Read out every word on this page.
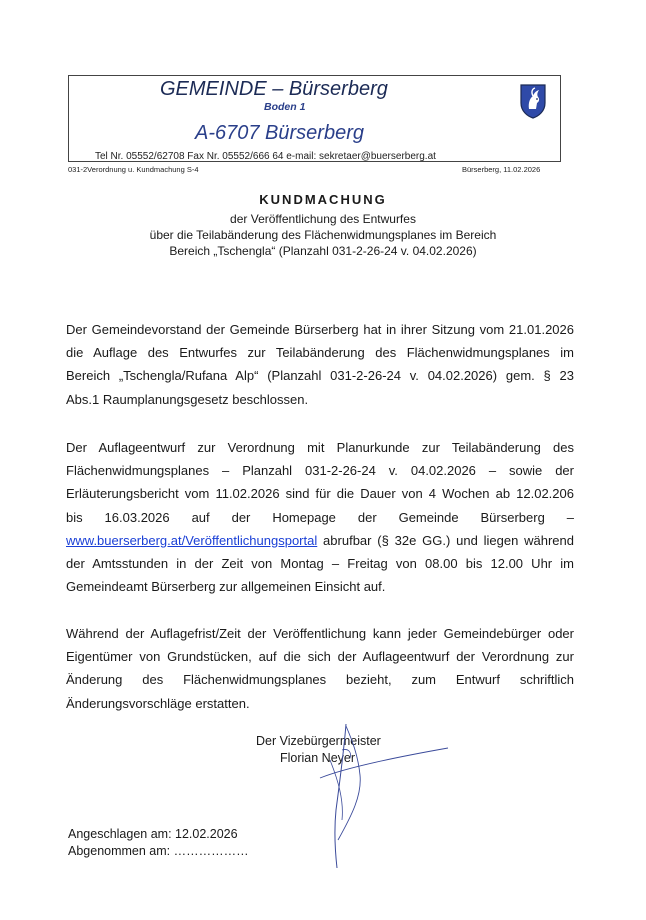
GEMEINDE – Bürserberg
Boden 1
A-6707 Bürserberg
Tel Nr. 05552/62708 Fax Nr. 05552/666 64 e-mail: sekretaer@buerserberg.at
031-2Verordnung u. Kundmachung S-4	Bürserberg, 11.02.2026
KUNDMACHUNG
der Veröffentlichung des Entwurfes
über die Teilabänderung des Flächenwidmungsplanes im Bereich
Bereich „Tschengla“ (Planzahl 031-2-26-24 v. 04.02.2026)
Der Gemeindevorstand der Gemeinde Bürserberg hat in ihrer Sitzung vom 21.01.2026
die Auflage des Entwurfes zur Teilabänderung des Flächenwidmungsplanes im
Bereich „Tschengla/Rufana Alp“ (Planzahl 031-2-26-24 v. 04.02.2026) gem. § 23
Abs.1 Raumplanungsgesetz beschlossen.
Der Auflageentwurf zur Verordnung mit Planurkunde zur Teilabänderung des
Flächenwidmungsplanes – Planzahl 031-2-26-24 v. 04.02.2026 – sowie der
Erläuterungsbericht vom 11.02.2026 sind für die Dauer von 4 Wochen ab 12.02.206
bis 16.03.2026 auf der Homepage der Gemeinde Bürserberg –
www.buerserberg.at/Veröffentlichungsportal abrufbar (§ 32e GG.) und liegen während
der Amtsstunden in der Zeit von Montag – Freitag von 08.00 bis 12.00 Uhr im
Gemeindeamt Bürserberg zur allgemeinen Einsicht auf.
Während der Auflagefrist/Zeit der Veröffentlichung kann jeder Gemeindebürger oder
Eigentümer von Grundstücken, auf die sich der Auflageentwurf der Verordnung zur
Änderung des Flächenwidmungsplanes bezieht, zum Entwurf schriftlich
Änderungsvorschläge erstatten.
Der Vizebürgermeister
Florian Neyer
Angeschlagen am: 12.02.2026
Abgenommen am: ………………
